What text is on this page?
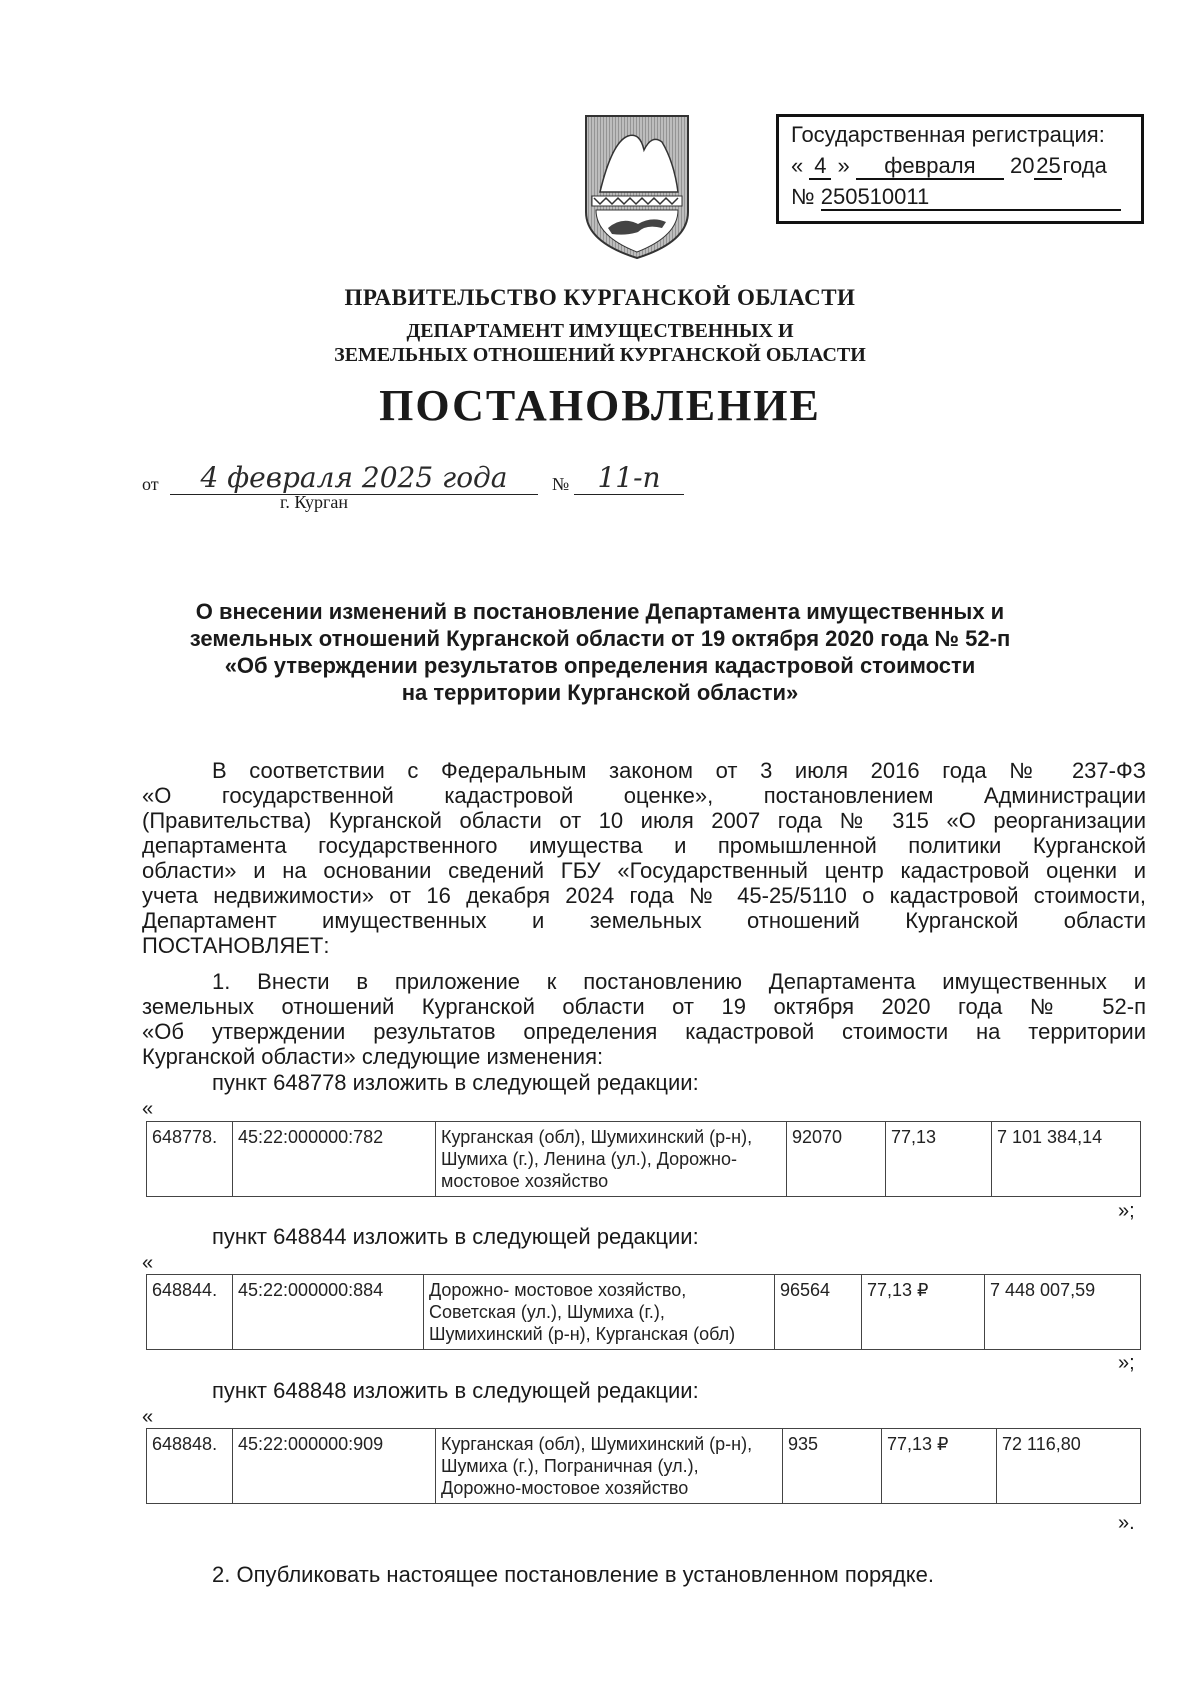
Государственная регистрация:
« 4 » февраля 2025года
№ 250510011
ПРАВИТЕЛЬСТВО КУРГАНСКОЙ ОБЛАСТИ
ДЕПАРТАМЕНТ ИМУЩЕСТВЕННЫХ И
ЗЕМЕЛЬНЫХ ОТНОШЕНИЙ КУРГАНСКОЙ ОБЛАСТИ
ПОСТАНОВЛЕНИЕ
от	4 февраля 2025 года	№	11-п
г. Курган
О внесении изменений в постановление Департамента имущественных и
земельных отношений Курганской области от 19 октября 2020 года № 52-п
«Об утверждении результатов определения кадастровой стоимости
на территории Курганской области»
В соответствии с Федеральным законом от 3 июля 2016 года № 237-ФЗ
«О государственной кадастровой оценке», постановлением Администрации
(Правительства) Курганской области от 10 июля 2007 года № 315 «О реорганизации
департамента государственного имущества и промышленной политики Курганской
области» и на основании сведений ГБУ «Государственный центр кадастровой оценки и
учета недвижимости» от 16 декабря 2024 года № 45-25/5110 о кадастровой стоимости,
Департамент имущественных и земельных отношений Курганской области
ПОСТАНОВЛЯЕТ:
1. Внести в приложение к постановлению Департамента имущественных и
земельных отношений Курганской области от 19 октября 2020 года № 52-п
«Об утверждении результатов определения кадастровой стоимости на территории
Курганской области» следующие изменения:
пункт 648778 изложить в следующей редакции:
«
648778.	45:22:000000:782	Курганская (обл), Шумихинский (р-н), Шумиха (г.), Ленина (ул.), Дорожно- мостовое хозяйство	92070	77,13	7 101 384,14
»;
пункт 648844 изложить в следующей редакции:
«
648844.	45:22:000000:884	Дорожно- мостовое хозяйство, Советская (ул.), Шумиха (г.), Шумихинский (р-н), Курганская (обл)	96564	77,13 ₽	7 448 007,59
»;
пункт 648848 изложить в следующей редакции:
«
648848.	45:22:000000:909	Курганская (обл), Шумихинский (р-н), Шумиха (г.), Пограничная (ул.), Дорожно-мостовое хозяйство	935	77,13 ₽	72 116,80
».
2. Опубликовать настоящее постановление в установленном порядке.
